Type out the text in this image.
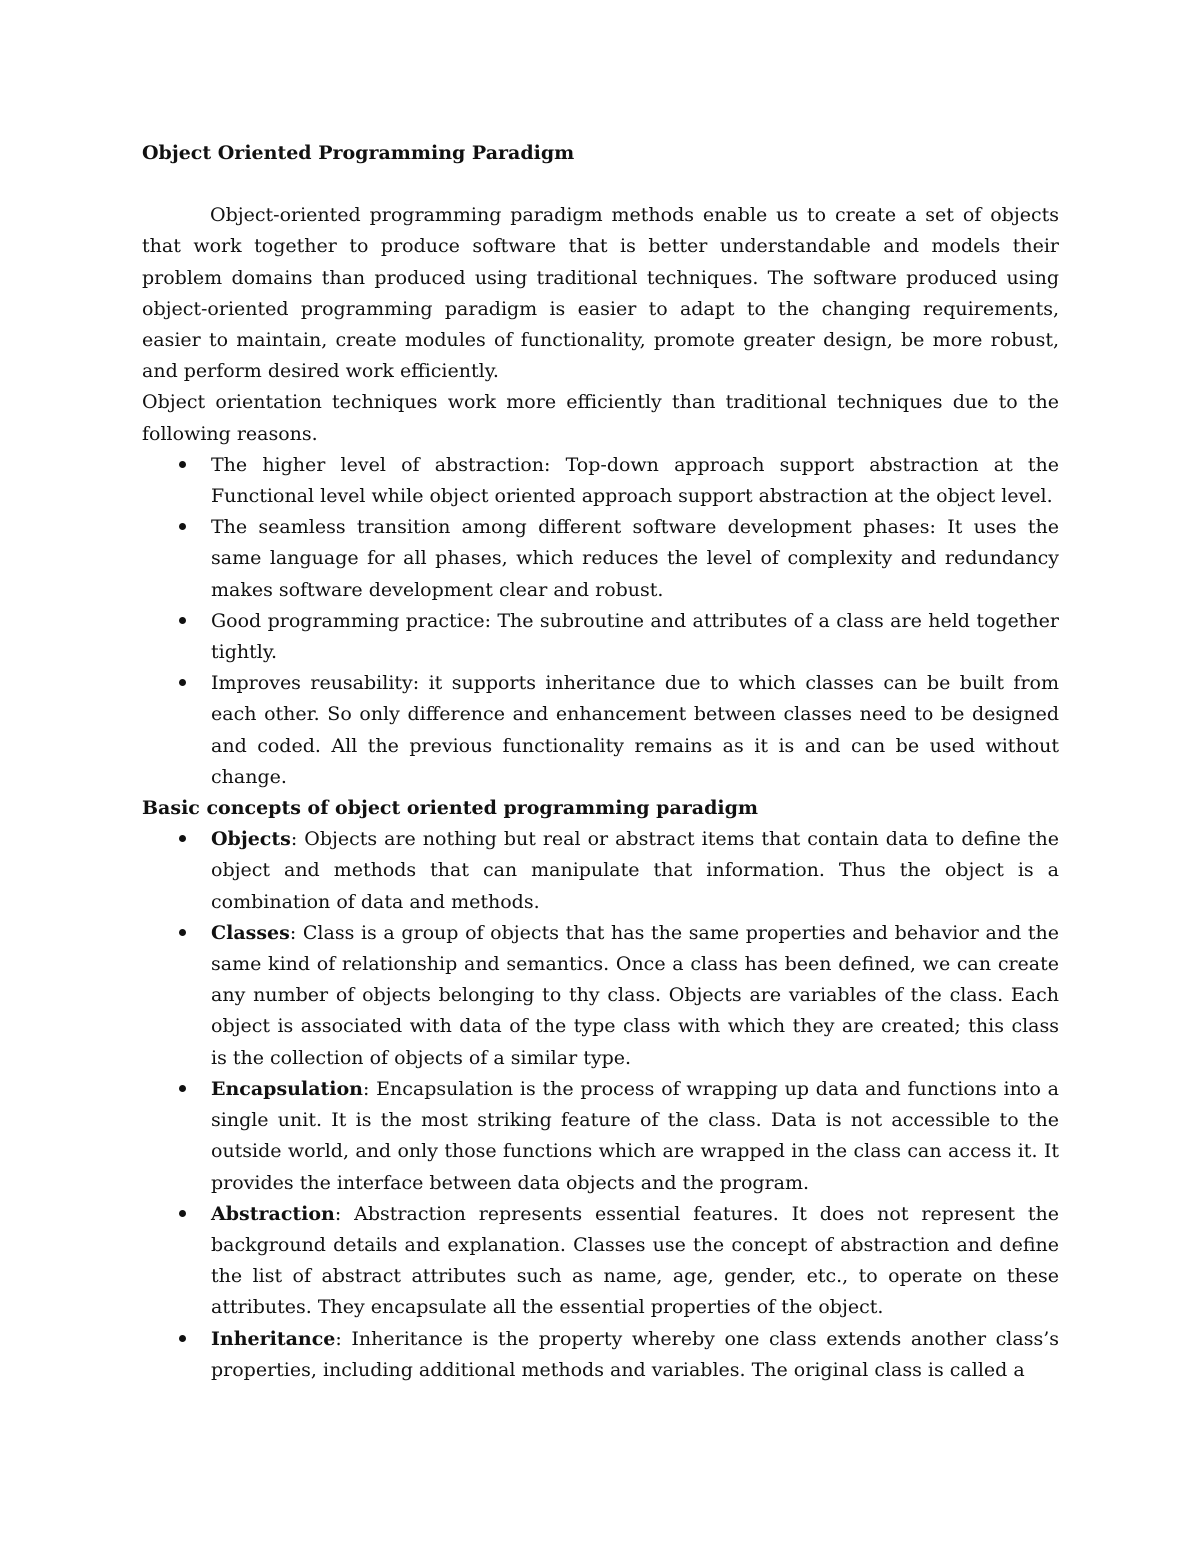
Object Oriented Programming Paradigm

Object-oriented programming paradigm methods enable us to create a set of objects that work together to produce software that is better understandable and models their problem domains than produced using traditional techniques. The software produced using object-oriented programming paradigm is easier to adapt to the changing requirements, easier to maintain, create modules of functionality, promote greater design, be more robust, and perform desired work efficiently.

Object orientation techniques work more efficiently than traditional techniques due to the following reasons.

The higher level of abstraction: Top-down approach support abstraction at the Functional level while object oriented approach support abstraction at the object level.
The seamless transition among different software development phases: It uses the same language for all phases, which reduces the level of complexity and redundancy makes software development clear and robust.
Good programming practice: The subroutine and attributes of a class are held together tightly.
Improves reusability: it supports inheritance due to which classes can be built from each other. So only difference and enhancement between classes need to be designed and coded. All the previous functionality remains as it is and can be used without change.
Basic concepts of object oriented programming paradigm
Objects: Objects are nothing but real or abstract items that contain data to define the object and methods that can manipulate that information. Thus the object is a combination of data and methods.
Classes: Class is a group of objects that has the same properties and behavior and the same kind of relationship and semantics. Once a class has been defined, we can create any number of objects belonging to thy class. Objects are variables of the class. Each object is associated with data of the type class with which they are created; this class is the collection of objects of a similar type.
Encapsulation: Encapsulation is the process of wrapping up data and functions into a single unit. It is the most striking feature of the class. Data is not accessible to the outside world, and only those functions which are wrapped in the class can access it. It provides the interface between data objects and the program.
Abstraction: Abstraction represents essential features. It does not represent the background details and explanation. Classes use the concept of abstraction and define the list of abstract attributes such as name, age, gender, etc., to operate on these attributes. They encapsulate all the essential properties of the object.
Inheritance: Inheritance is the property whereby one class extends another class’s properties, including additional methods and variables. The original class is called a
